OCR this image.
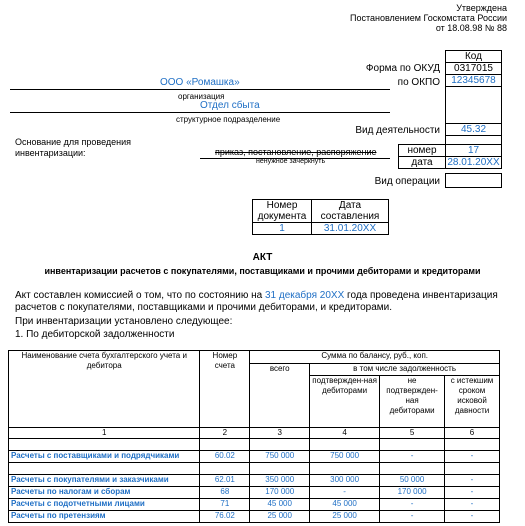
Утверждена
Постановлением Госкомстата России
от 18.08.98 № 88
Код
Форма по ОКУД	0317015
по ОКПО	12345678
Вид деятельности	45.32
номер	17
дата	28.01.20XX
Вид операции
ООО «Ромашка»
организация
Отдел сбыта
структурное подразделение
Основание для проведения
инвентаризации:	приказ, постановление, распоряжение
ненужное зачеркнуть
Номер документа	Дата составления
1	31.01.20XX
АКТ
инвентаризации расчетов с покупателями, поставщиками и прочими дебиторами и кредиторами
Акт составлен комиссией о том, что по состоянию на 31 декабря 20ХХ года проведена инвентаризация
расчетов с покупателями, поставщиками и прочими дебиторами, и кредиторами.
При инвентаризации установлено следующее:
1. По дебиторской задолженности
Наименование счета бухгалтерского учета и дебитора	Номер счета	Сумма по балансу, руб., коп.			
		всего	в том числе задолженность		
			подтвержден-ная дебиторами	не подтвержден-ная дебиторами	с истекшим сроком исковой давности
1	2	3	4	5	6

Расчеты с поставщиками и подрядчиками	60.02	750 000	750 000	-	-

Расчеты с покупателями и заказчиками	62.01	350 000	300 000	50 000	-
Расчеты по налогам и сборам	68	170 000	-	170 000	-
Расчеты с подотчетными лицами	71	45 000	45 000	-	-
Расчеты по претензиям	76.02	25 000	25 000	-	-
